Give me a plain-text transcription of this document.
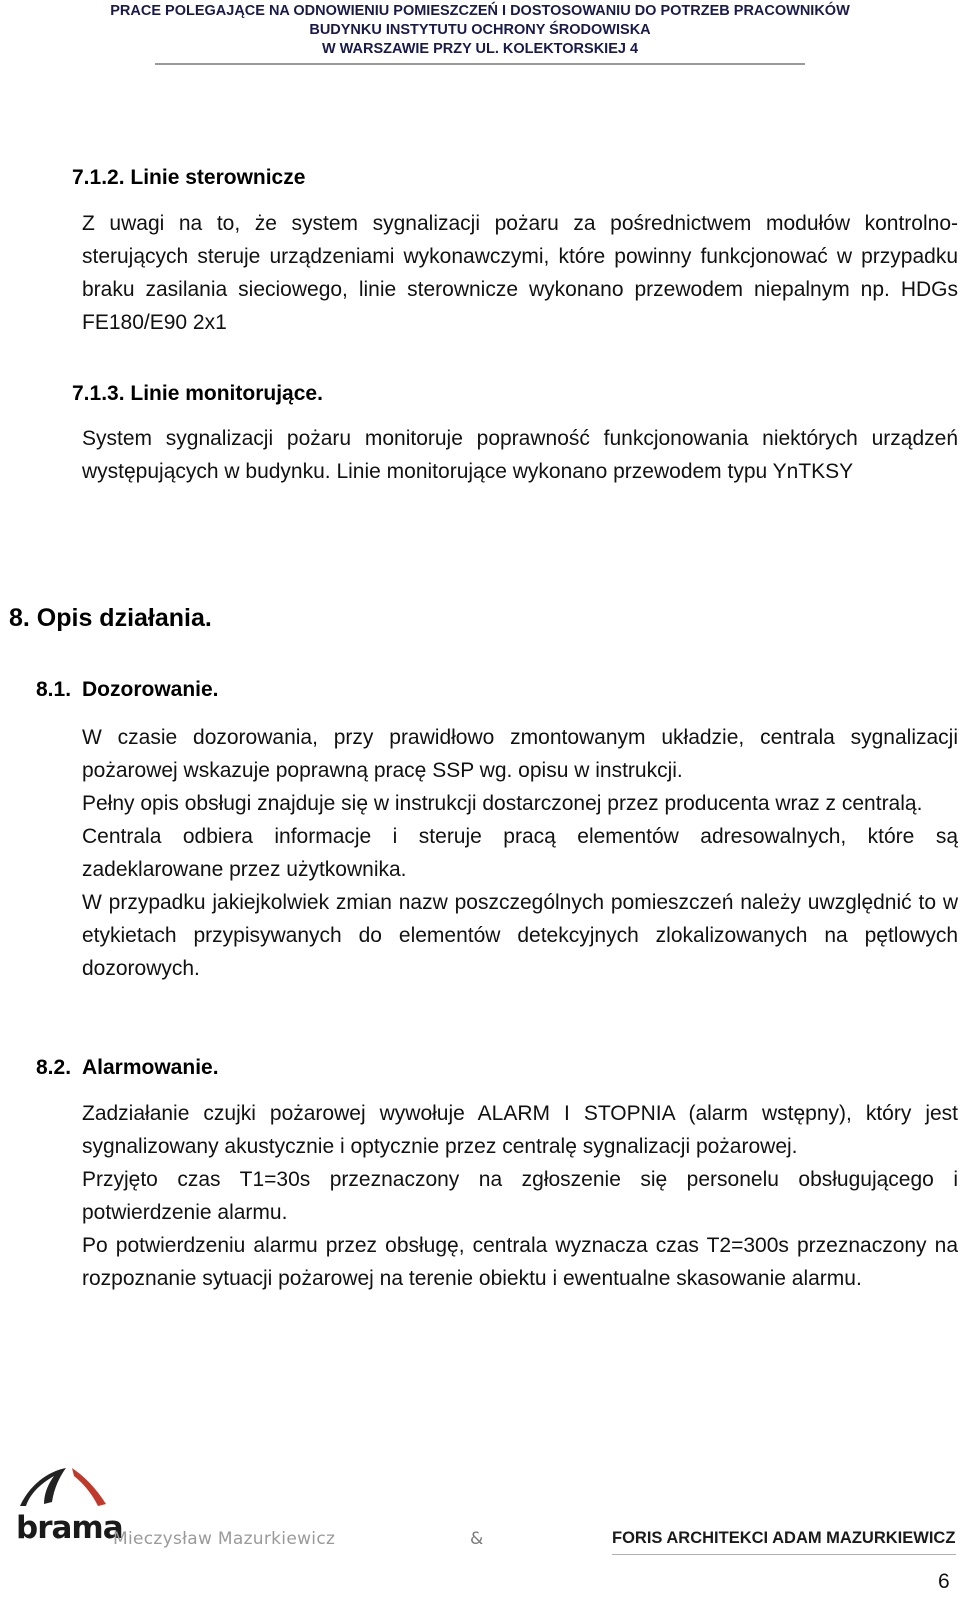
PRACE POLEGAJĄCE NA ODNOWIENIU POMIESZCZEŃ I DOSTOSOWANIU DO POTRZEB PRACOWNIKÓW
BUDYNKU INSTYTUTU OCHRONY ŚRODOWISKA
W WARSZAWIE PRZY UL. KOLEKTORSKIEJ 4
7.1.2. Linie sterownicze

Z uwagi na to, że system sygnalizacji pożaru za pośrednictwem modułów kontrolno-sterujących steruje urządzeniami wykonawczymi, które powinny funkcjonować w przypadku braku zasilania sieciowego, linie sterownicze wykonano przewodem niepalnym np. HDGs FE180/E90 2x1

7.1.3. Linie monitorujące.

System sygnalizacji pożaru monitoruje poprawność funkcjonowania niektórych urządzeń występujących w budynku. Linie monitorujące wykonano przewodem typu YnTKSY

8. Opis działania.
8.1. Dozorowanie.

W czasie dozorowania, przy prawidłowo zmontowanym układzie, centrala sygnalizacji pożarowej wskazuje poprawną pracę SSP wg. opisu w instrukcji.

Pełny opis obsługi znajduje się w instrukcji dostarczonej przez producenta wraz z centralą.

Centrala odbiera informacje i steruje pracą elementów adresowalnych, które są zadeklarowane przez użytkownika.

W przypadku jakiejkolwiek zmian nazw poszczególnych pomieszczeń należy uwzględnić to w etykietach przypisywanych do elementów detekcyjnych zlokalizowanych na pętlowych dozorowych.

8.2. Alarmowanie.

Zadziałanie czujki pożarowej wywołuje ALARM I STOPNIA (alarm wstępny), który jest sygnalizowany akustycznie i optycznie przez centralę sygnalizacji pożarowej.

Przyjęto czas T1=30s przeznaczony na zgłoszenie się personelu obsługującego i potwierdzenie alarmu.

Po potwierdzeniu alarmu przez obsługę, centrala wyznacza czas T2=300s przeznaczony na rozpoznanie sytuacji pożarowej na terenie obiektu i ewentualne skasowanie alarmu.

brama
Mieczysław Mazurkiewicz	&	FORIS ARCHITEKCI ADAM MAZURKIEWICZ
6
